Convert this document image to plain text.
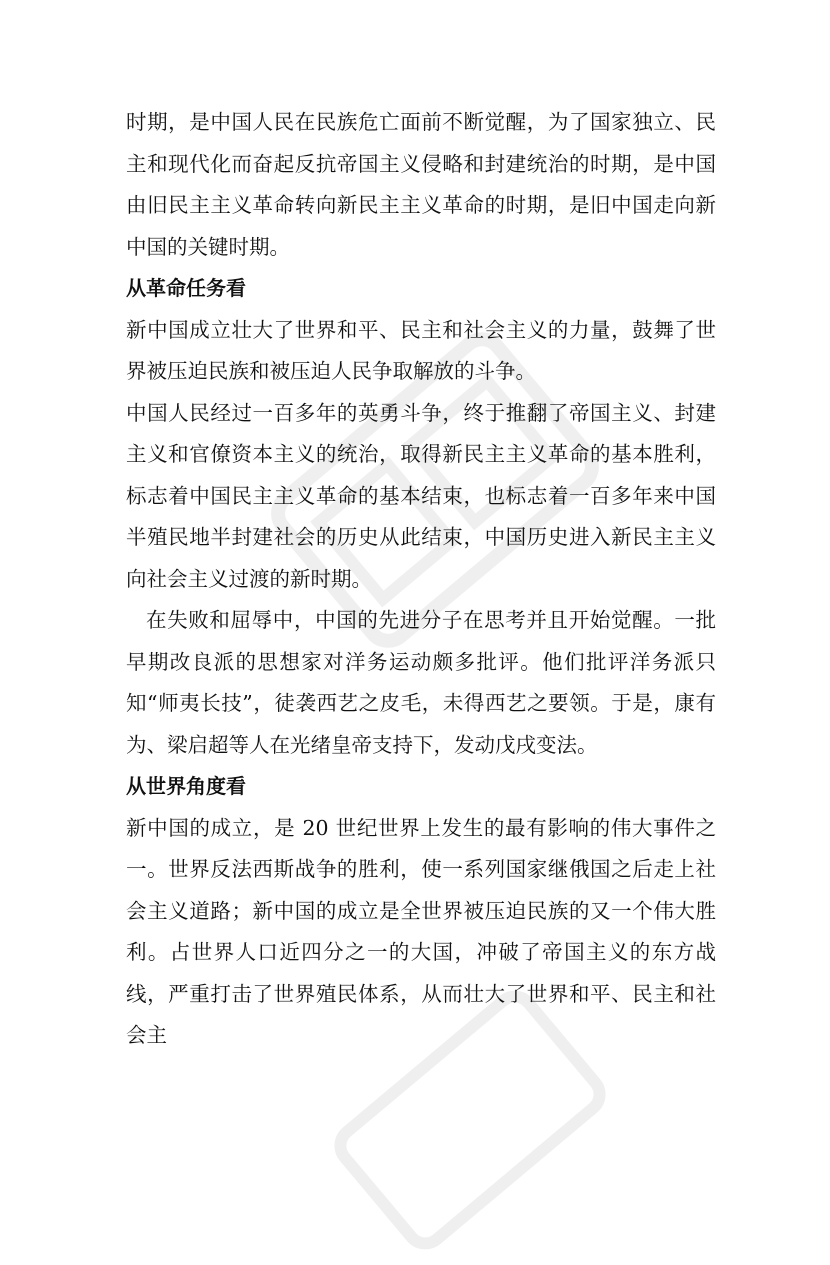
时期，是中国人民在民族危亡面前不断觉醒，为了国家独立、民主和现代化而奋起反抗帝国主义侵略和封建统治的时期，是中国由旧民主主义革命转向新民主主义革命的时期，是旧中国走向新中国的关键时期。

从革命任务看

新中国成立壮大了世界和平、民主和社会主义的力量，鼓舞了世界被压迫民族和被压迫人民争取解放的斗争。

中国人民经过一百多年的英勇斗争，终于推翻了帝国主义、封建主义和官僚资本主义的统治，取得新民主主义革命的基本胜利，标志着中国民主主义革命的基本结束，也标志着一百多年来中国半殖民地半封建社会的历史从此结束，中国历史进入新民主主义向社会主义过渡的新时期。

在失败和屈辱中，中国的先进分子在思考并且开始觉醒。一批早期改良派的思想家对洋务运动颇多批评。他们批评洋务派只知“师夷长技”，徒袭西艺之皮毛，未得西艺之要领。于是，康有为、梁启超等人在光绪皇帝支持下，发动戊戌变法。

从世界角度看

新中国的成立，是 20 世纪世界上发生的最有影响的伟大事件之一。世界反法西斯战争的胜利，使一系列国家继俄国之后走上社会主义道路；新中国的成立是全世界被压迫民族的又一个伟大胜利。占世界人口近四分之一的大国，冲破了帝国主义的东方战线，严重打击了世界殖民体系，从而壮大了世界和平、民主和社会主
